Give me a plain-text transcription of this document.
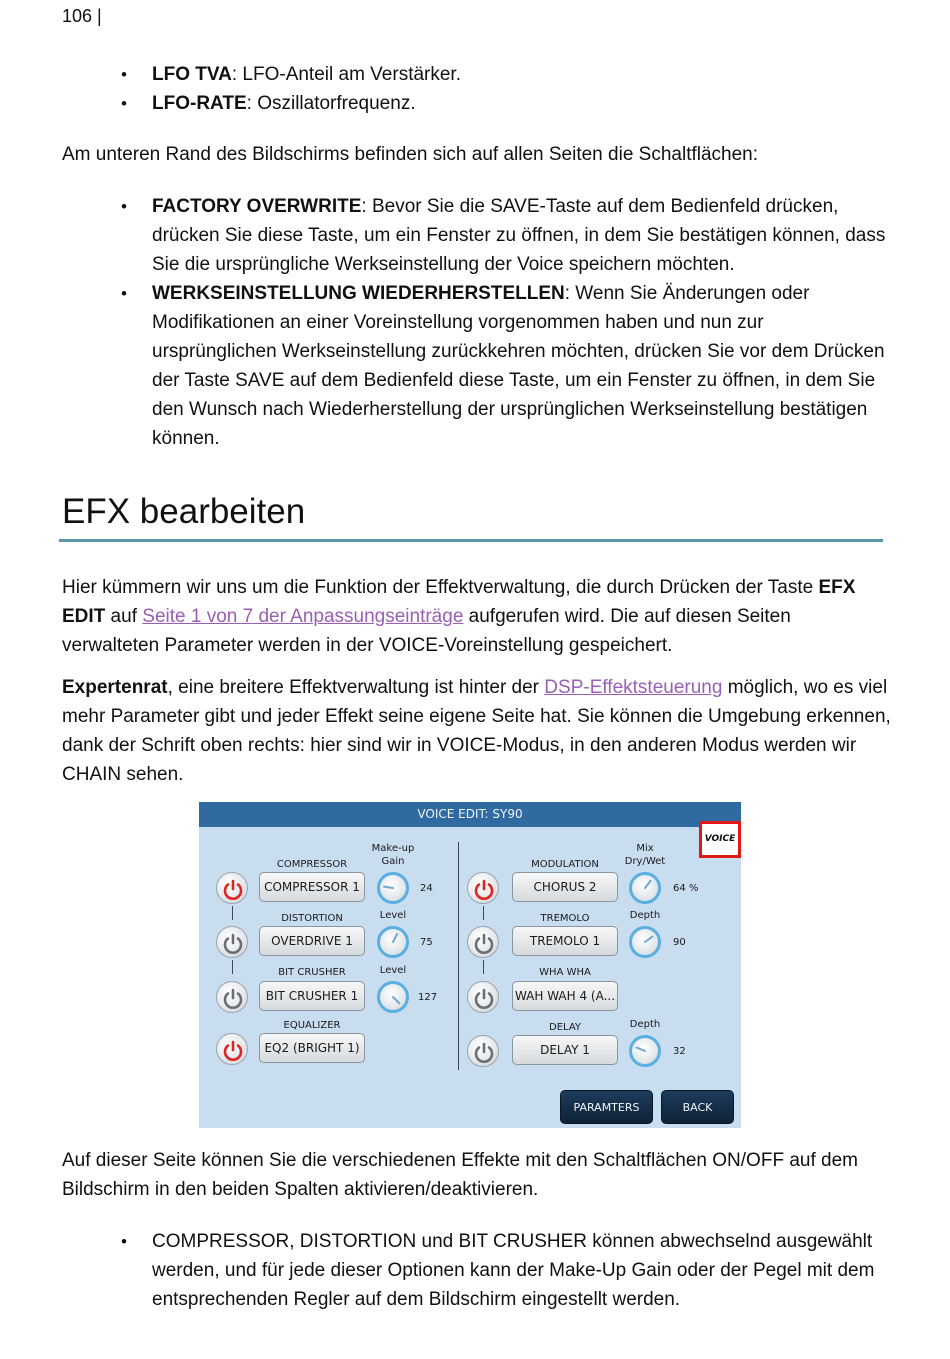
106 |
• LFO TVA: LFO-Anteil am Verstärker.
• LFO-RATE: Oszillatorfrequenz.
Am unteren Rand des Bildschirms befinden sich auf allen Seiten die Schaltflächen:
• FACTORY OVERWRITE: Bevor Sie die SAVE-Taste auf dem Bedienfeld drücken, drücken Sie diese Taste, um ein Fenster zu öffnen, in dem Sie bestätigen können, dass Sie die ursprüngliche Werkseinstellung der Voice speichern möchten.
• WERKSEINSTELLUNG WIEDERHERSTELLEN: Wenn Sie Änderungen oder Modifikationen an einer Voreinstellung vorgenommen haben und nun zur ursprünglichen Werkseinstellung zurückkehren möchten, drücken Sie vor dem Drücken der Taste SAVE auf dem Bedienfeld diese Taste, um ein Fenster zu öffnen, in dem Sie den Wunsch nach Wiederherstellung der ursprünglichen Werkseinstellung bestätigen können.
EFX bearbeiten
Hier kümmern wir uns um die Funktion der Effektverwaltung, die durch Drücken der Taste EFX EDIT auf Seite 1 von 7 der Anpassungseinträge aufgerufen wird. Die auf diesen Seiten verwalteten Parameter werden in der VOICE-Voreinstellung gespeichert.
Expertenrat, eine breitere Effektverwaltung ist hinter der DSP-Effektsteuerung möglich, wo es viel mehr Parameter gibt und jeder Effekt seine eigene Seite hat. Sie können die Umgebung erkennen, dank der Schrift oben rechts: hier sind wir in VOICE-Modus, in den anderen Modus werden wir CHAIN sehen.
VOICE EDIT: SY90
VOICE
Make-up Gain
COMPRESSOR
COMPRESSOR 1	24
Level
DISTORTION
OVERDRIVE 1	75
Level
BIT CRUSHER
BIT CRUSHER 1	127
EQUALIZER
EQ2 (BRIGHT 1)
Mix Dry/Wet
MODULATION
CHORUS 2	64 %
Depth
TREMOLO
TREMOLO 1	90
WHA WHA
WAH WAH 4 (A...
Depth
DELAY
DELAY 1	32
PARAMTERS	BACK
Auf dieser Seite können Sie die verschiedenen Effekte mit den Schaltflächen ON/OFF auf dem Bildschirm in den beiden Spalten aktivieren/deaktivieren.
• COMPRESSOR, DISTORTION und BIT CRUSHER können abwechselnd ausgewählt werden, und für jede dieser Optionen kann der Make-Up Gain oder der Pegel mit dem entsprechenden Regler auf dem Bildschirm eingestellt werden.
